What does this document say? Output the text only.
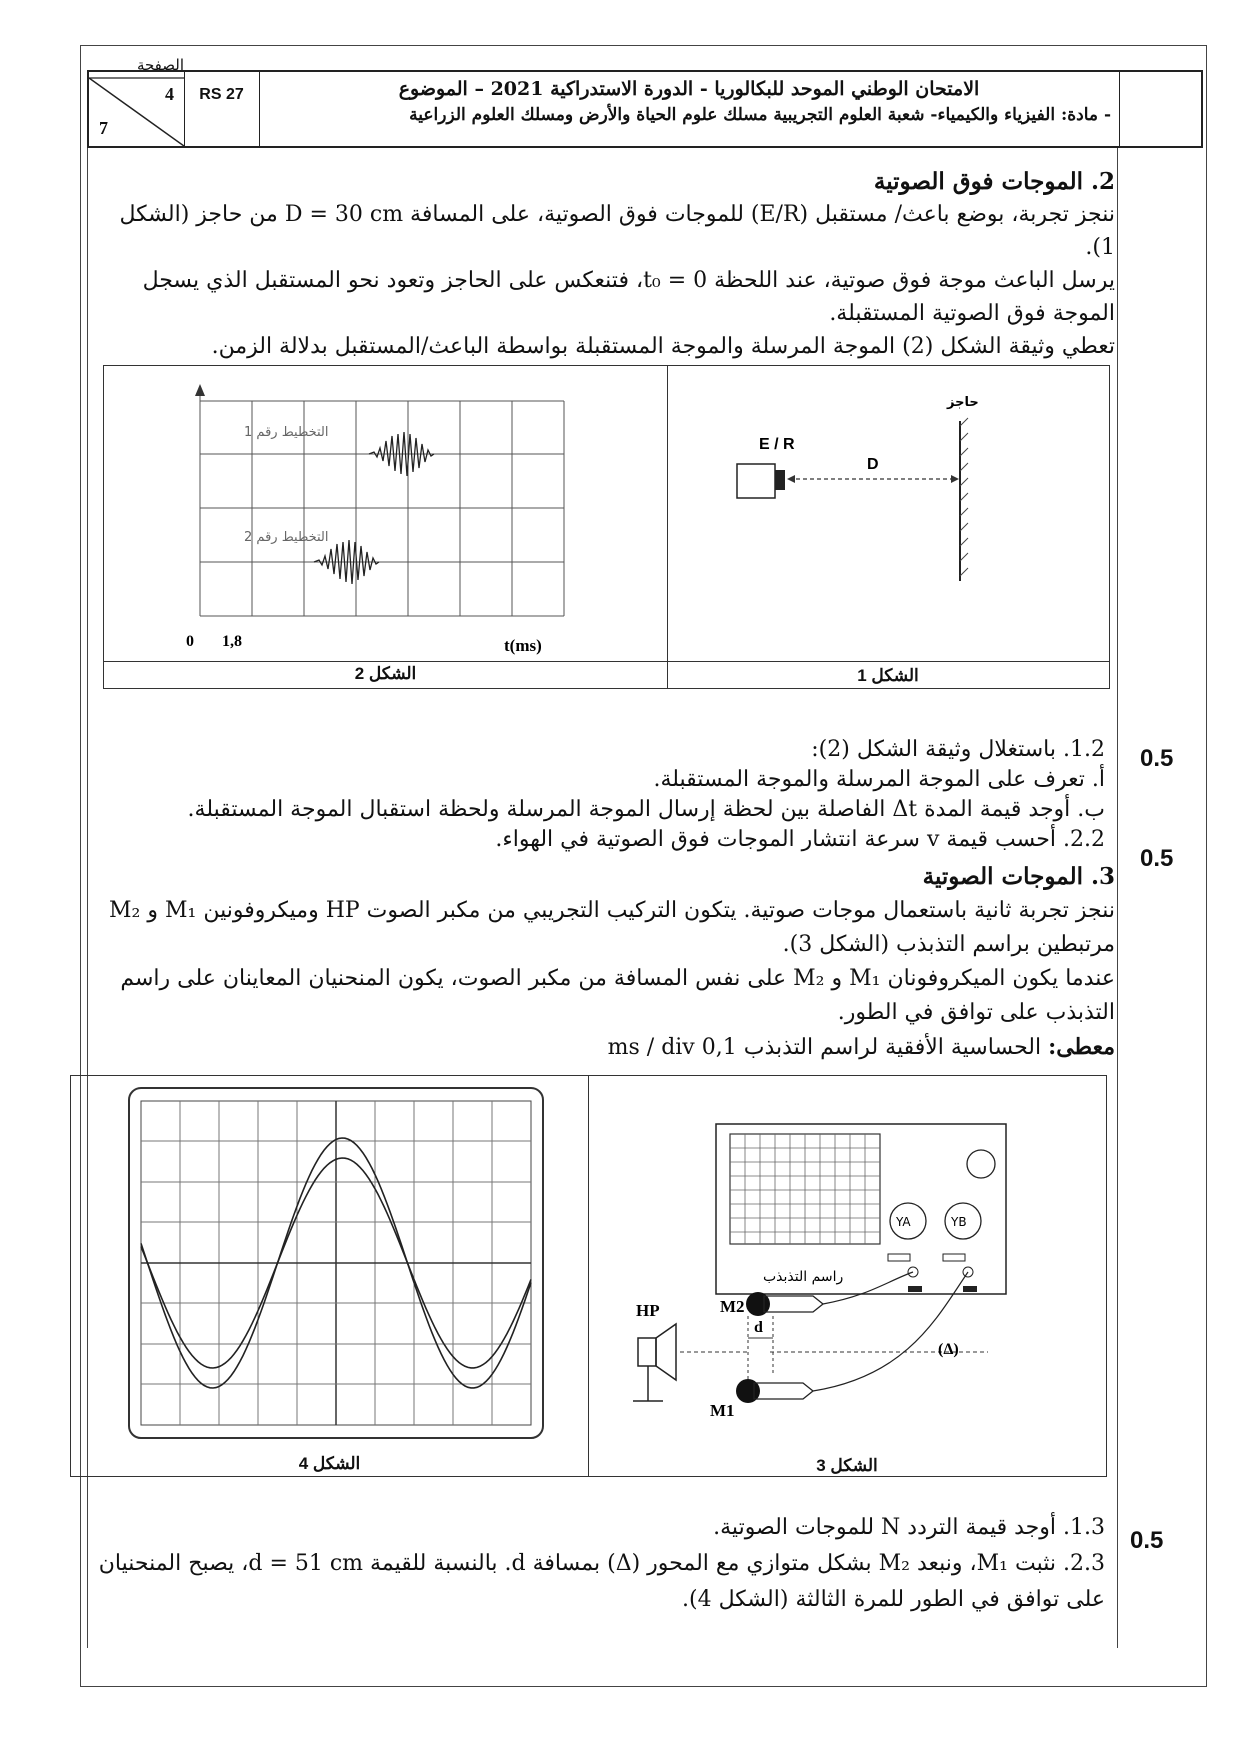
الصفحة
4
7
RS 27	الامتحان الوطني الموحد للبكالوريا - الدورة الاستدراكية 2021 – الموضوع
- مادة: الفيزياء والكيمياء- شعبة العلوم التجريبية مسلك علوم الحياة والأرض ومسلك العلوم الزراعية
2. الموجات فوق الصوتية
ننجز تجربة، بوضع باعث/ مستقبل (E/R) للموجات فوق الصوتية، على المسافة D = 30 cm من حاجز (الشكل 1).
يرسل الباعث موجة فوق صوتية، عند اللحظة t₀ = 0، فتنعكس على الحاجز وتعود نحو المستقبل الذي يسجل الموجة فوق الصوتية المستقبلة.
تعطي وثيقة الشكل (2) الموجة المرسلة والموجة المستقبلة بواسطة الباعث/المستقبل بدلالة الزمن.
الشكل 2	الشكل 1
التخطيط رقم 1
التخطيط رقم 2
0 1,8	t(ms)
E / R
D
حاجز
0.5
0.5
1.2. باستغلال وثيقة الشكل (2):
أ. تعرف على الموجة المرسلة والموجة المستقبلة.
ب. أوجد قيمة المدة Δt الفاصلة بين لحظة إرسال الموجة المرسلة ولحظة استقبال الموجة المستقبلة.
2.2. أحسب قيمة v سرعة انتشار الموجات فوق الصوتية في الهواء.
3. الموجات الصوتية
ننجز تجربة ثانية باستعمال موجات صوتية. يتكون التركيب التجريبي من مكبر الصوت HP وميكروفونين M₁ و M₂ مرتبطين براسم التذبذب (الشكل 3).
عندما يكون الميكروفونان M₁ و M₂ على نفس المسافة من مكبر الصوت، يكون المنحنيان المعاينان على راسم التذبذب على توافق في الطور.
معطى: الحساسية الأفقية لراسم التذبذب 0,1 ms / div
الشكل 4	الشكل 3
YA	YB
راسم التذبذب
HP
d
M2
M1
(Δ)
0.5
1.3. أوجد قيمة التردد N للموجات الصوتية.
2.3. نثبت M₁، ونبعد M₂ بشكل متوازي مع المحور (Δ) بمسافة d. بالنسبة للقيمة d = 51 cm، يصبح المنحنيان على توافق في الطور للمرة الثالثة (الشكل 4).
